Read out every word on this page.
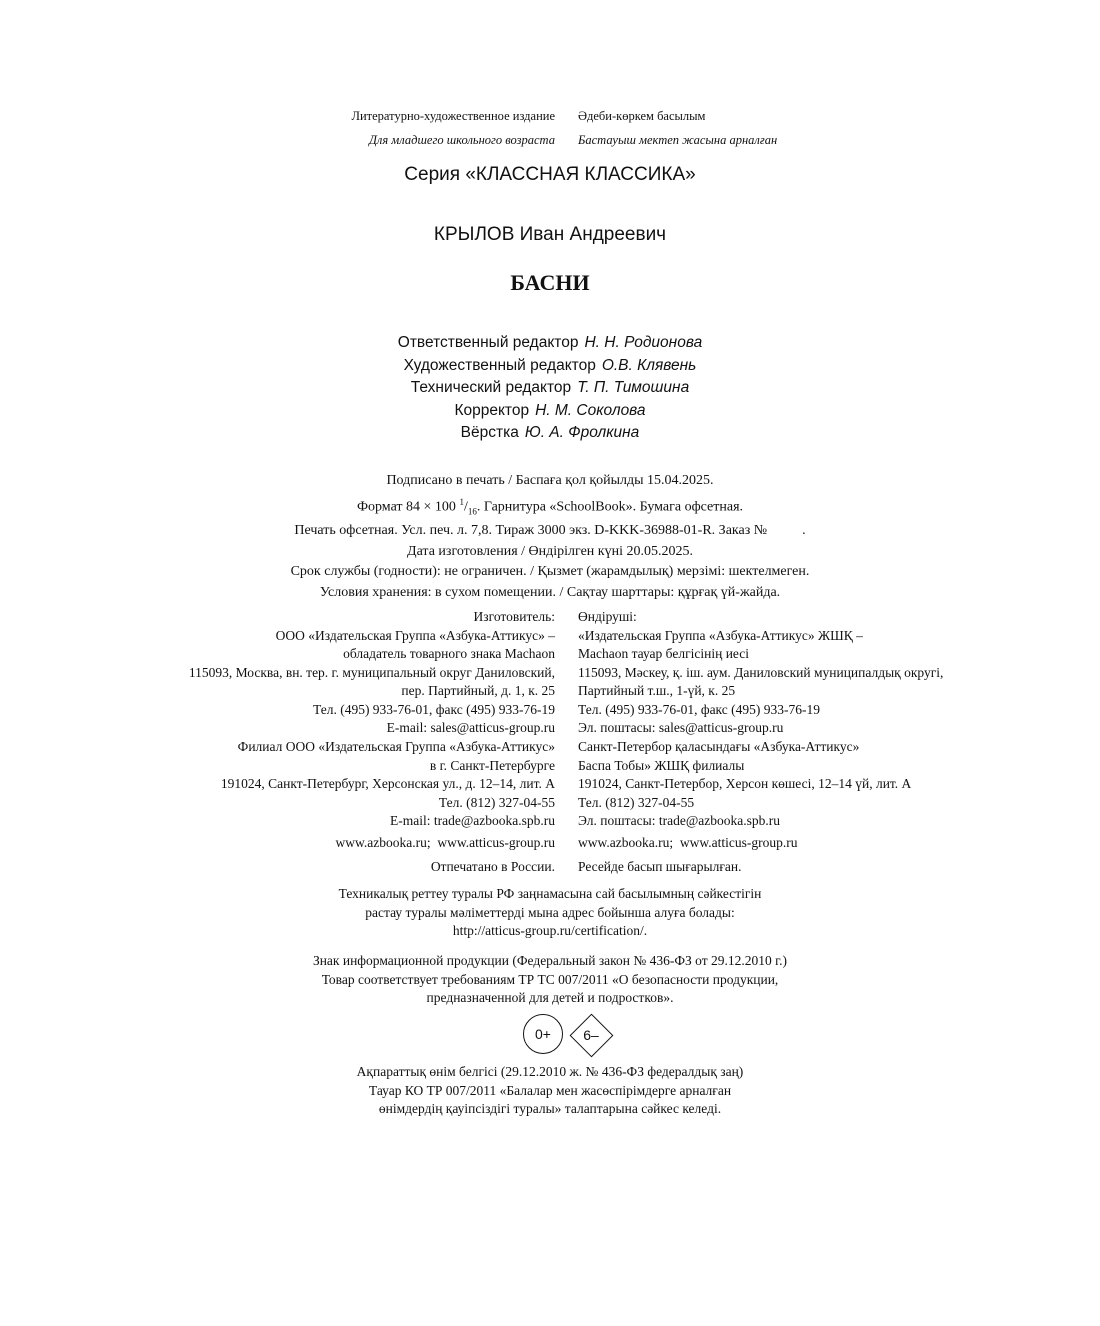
Литературно-художественное издание Әдеби-көркем басылым
Для младшего школьного возраста Бастауыш мектеп жасына арналған
Серия «КЛАССНАЯ КЛАССИКА»
КРЫЛОВ Иван Андреевич
БАСНИ
Ответственный редактор Н. Н. Родионова
Художественный редактор О.В. Клявень
Технический редактор Т. П. Тимошина
Корректор Н. М. Соколова
Вёрстка Ю. А. Фролкина
Подписано в печать / Баспаға қол қойылды 15.04.2025.
Формат 84 × 100 $^1/_{16}$. Гарнитура «SchoolBook». Бумага офсетная.
Печать офсетная. Усл. печ. л. 7,8. Тираж 3000 экз. D-KKK-36988-01-R. Заказ №          .
Дата изготовления / Өндірілген күні 20.05.2025.
Срок службы (годности): не ограничен. / Қызмет (жарамдылық) мерзімі: шектелмеген.
Условия хранения: в сухом помещении. / Сақтау шарттары: құрғақ үй-жайда.
Изготовитель:
ООО «Издательская Группа «Азбука-Аттикус» –
обладатель товарного знака Machaon
115093, Москва, вн. тер. г. муниципальный округ Даниловский,
пер. Партийный, д. 1, к. 25
Тел. (495) 933-76-01, факс (495) 933-76-19
E-mail: sales@atticus-group.ru
Өндіруші:
«Издательская Группа «Азбука-Аттикус» ЖШҚ –
Machaon тауар белгісінің иесі
115093, Мәскеу, қ. іш. аум. Даниловский муниципалдық округі,
Партийный т.ш., 1-үй, к. 25
Тел. (495) 933-76-01, факс (495) 933-76-19
Эл. поштасы: sales@atticus-group.ru
Филиал ООО «Издательская Группа «Азбука-Аттикус»
в г. Санкт-Петербурге
191024, Санкт-Петербург, Херсонская ул., д. 12–14, лит. А
Тел. (812) 327-04-55
E-mail: trade@azbooka.spb.ru
Санкт-Петербор қаласындағы «Азбука-Аттикус»
Баспа Тобы» ЖШҚ филиалы
191024, Санкт-Петербор, Херсон көшесі, 12–14 үй, лит. А
Тел. (812) 327-04-55
Эл. поштасы: trade@azbooka.spb.ru
www.azbooka.ru;  www.atticus-group.ru www.azbooka.ru;  www.atticus-group.ru
Отпечатано в России. Ресейде басып шығарылған.
Техникалық реттеу туралы РФ заңнамасына сай басылымның сәйкестігін
растау туралы мәліметтерді мына адрес бойынша алуға болады:
http://atticus-group.ru/certification/.
Знак информационной продукции (Федеральный закон № 436-ФЗ от 29.12.2010 г.)
Товар соответствует требованиям ТР ТС 007/2011 «О безопасности продукции,
предназначенной для детей и подростков».
0+	6–
Ақпараттық өнім белгісі (29.12.2010 ж. № 436-ФЗ федералдық заң)
Тауар КО ТР 007/2011 «Балалар мен жасөспірімдерге арналған
өнімдердің қауіпсіздігі туралы» талаптарына сәйкес келеді.
